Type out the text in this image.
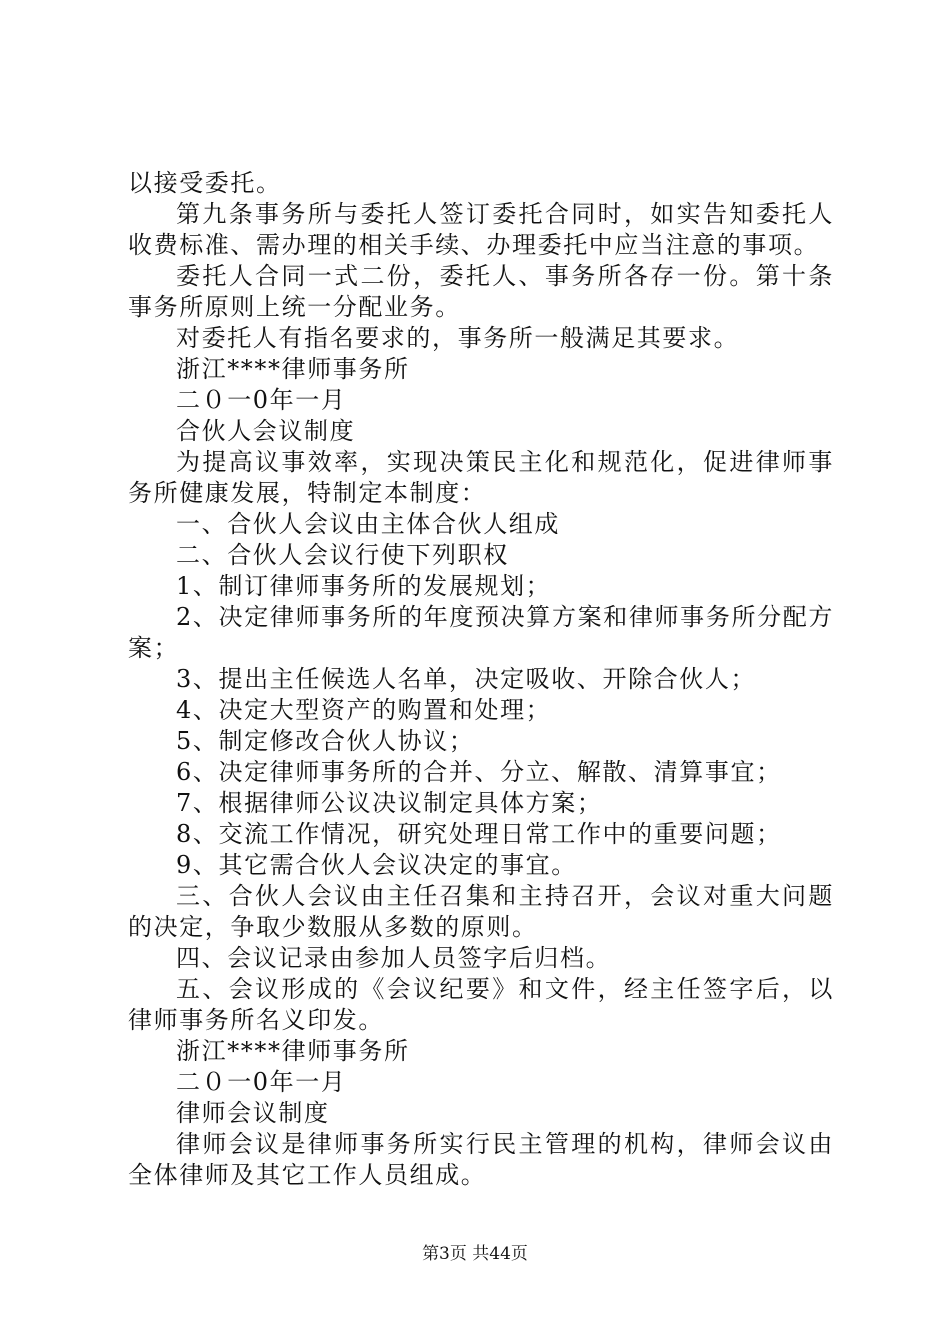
以接受委托。

第九条事务所与委托人签订委托合同时，如实告知委托人收费标准、需办理的相关手续、办理委托中应当注意的事项。

委托人合同一式二份，委托人、事务所各存一份。第十条事务所原则上统一分配业务。

对委托人有指名要求的，事务所一般满足其要求。

浙江****律师事务所

二０一0年一月

合伙人会议制度

为提高议事效率，实现决策民主化和规范化，促进律师事务所健康发展，特制定本制度：

一、合伙人会议由主体合伙人组成

二、合伙人会议行使下列职权

1、制订律师事务所的发展规划；

2、决定律师事务所的年度预决算方案和律师事务所分配方案；

3、提出主任候选人名单，决定吸收、开除合伙人；

4、决定大型资产的购置和处理；

5、制定修改合伙人协议；

6、决定律师事务所的合并、分立、解散、清算事宜；

7、根据律师公议决议制定具体方案；

8、交流工作情况，研究处理日常工作中的重要问题；

9、其它需合伙人会议决定的事宜。

三、合伙人会议由主任召集和主持召开，会议对重大问题的决定，争取少数服从多数的原则。

四、会议记录由参加人员签字后归档。

五、会议形成的《会议纪要》和文件，经主任签字后，以律师事务所名义印发。

浙江****律师事务所

二０一0年一月

律师会议制度

律师会议是律师事务所实行民主管理的机构，律师会议由全体律师及其它工作人员组成。

第3页 共44页
